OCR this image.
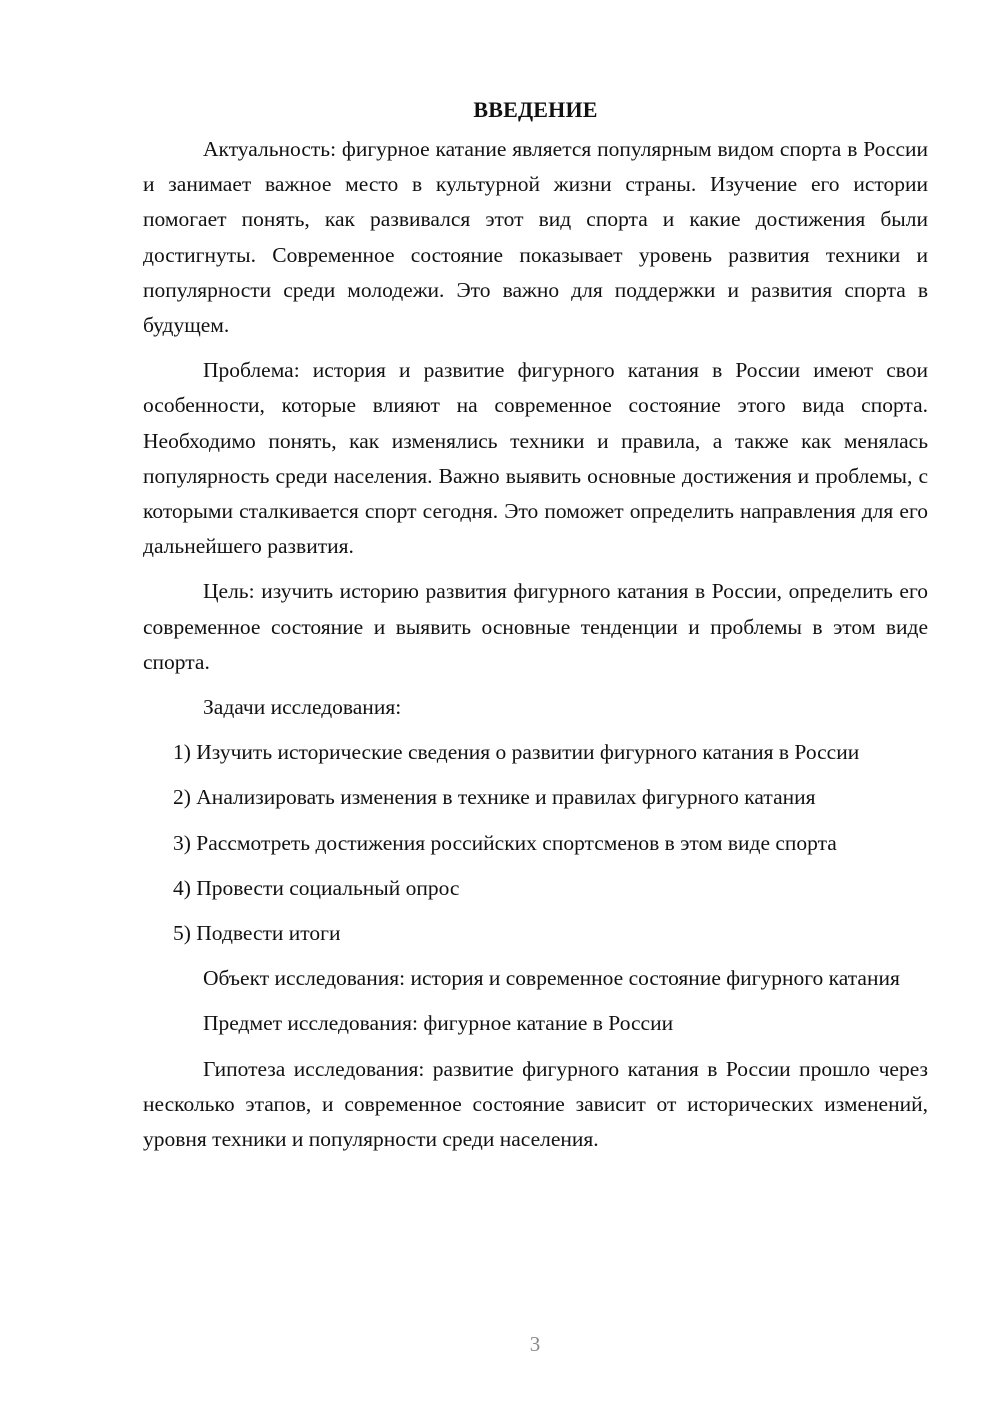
ВВЕДЕНИЕ

Актуальность: фигурное катание является популярным видом спорта в России и занимает важное место в культурной жизни страны. Изучение его истории помогает понять, как развивался этот вид спорта и какие достижения были достигнуты. Современное состояние показывает уровень развития техники и популярности среди молодежи. Это важно для поддержки и развития спорта в будущем.

Проблема: история и развитие фигурного катания в России имеют свои особенности, которые влияют на современное состояние этого вида спорта. Необходимо понять, как изменялись техники и правила, а также как менялась популярность среди населения. Важно выявить основные достижения и проблемы, с которыми сталкивается спорт сегодня. Это поможет определить направления для его дальнейшего развития.

Цель: изучить историю развития фигурного катания в России, определить его современное состояние и выявить основные тенденции и проблемы в этом виде спорта.

Задачи исследования:

1) Изучить исторические сведения о развитии фигурного катания в России

2) Анализировать изменения в технике и правилах фигурного катания

3) Рассмотреть достижения российских спортсменов в этом виде спорта

4) Провести социальный опрос

5) Подвести итоги

Объект исследования: история и современное состояние фигурного катания

Предмет исследования: фигурное катание в России

Гипотеза исследования: развитие фигурного катания в России прошло через несколько этапов, и современное состояние зависит от исторических изменений, уровня техники и популярности среди населения.

3
